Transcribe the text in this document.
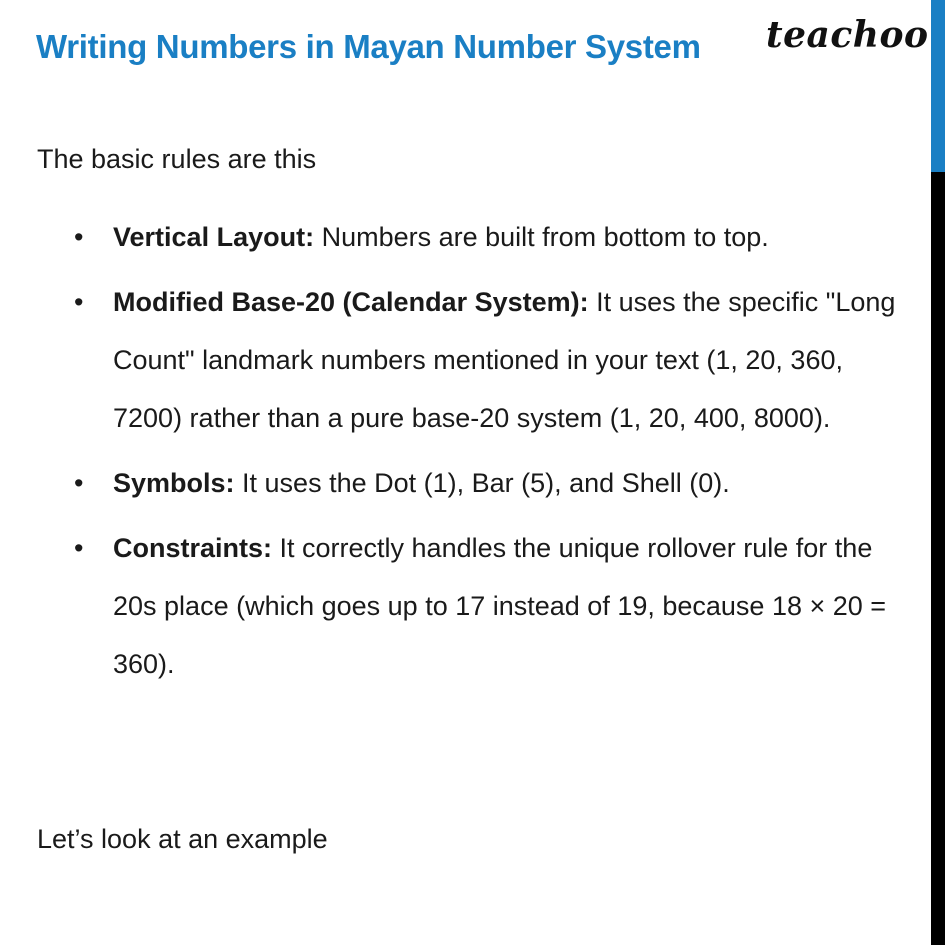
Writing Numbers in Mayan Number System teachoo

The basic rules are this

• Vertical Layout: Numbers are built from bottom to top.
• Modified Base-20 (Calendar System): It uses the specific "Long Count" landmark numbers mentioned in your text (1, 20, 360, 7200) rather than a pure base-20 system (1, 20, 400, 8000).
• Symbols: It uses the Dot (1), Bar (5), and Shell (0).
• Constraints: It correctly handles the unique rollover rule for the 20s place (which goes up to 17 instead of 19, because 18 × 20 = 360).

Let’s look at an example
